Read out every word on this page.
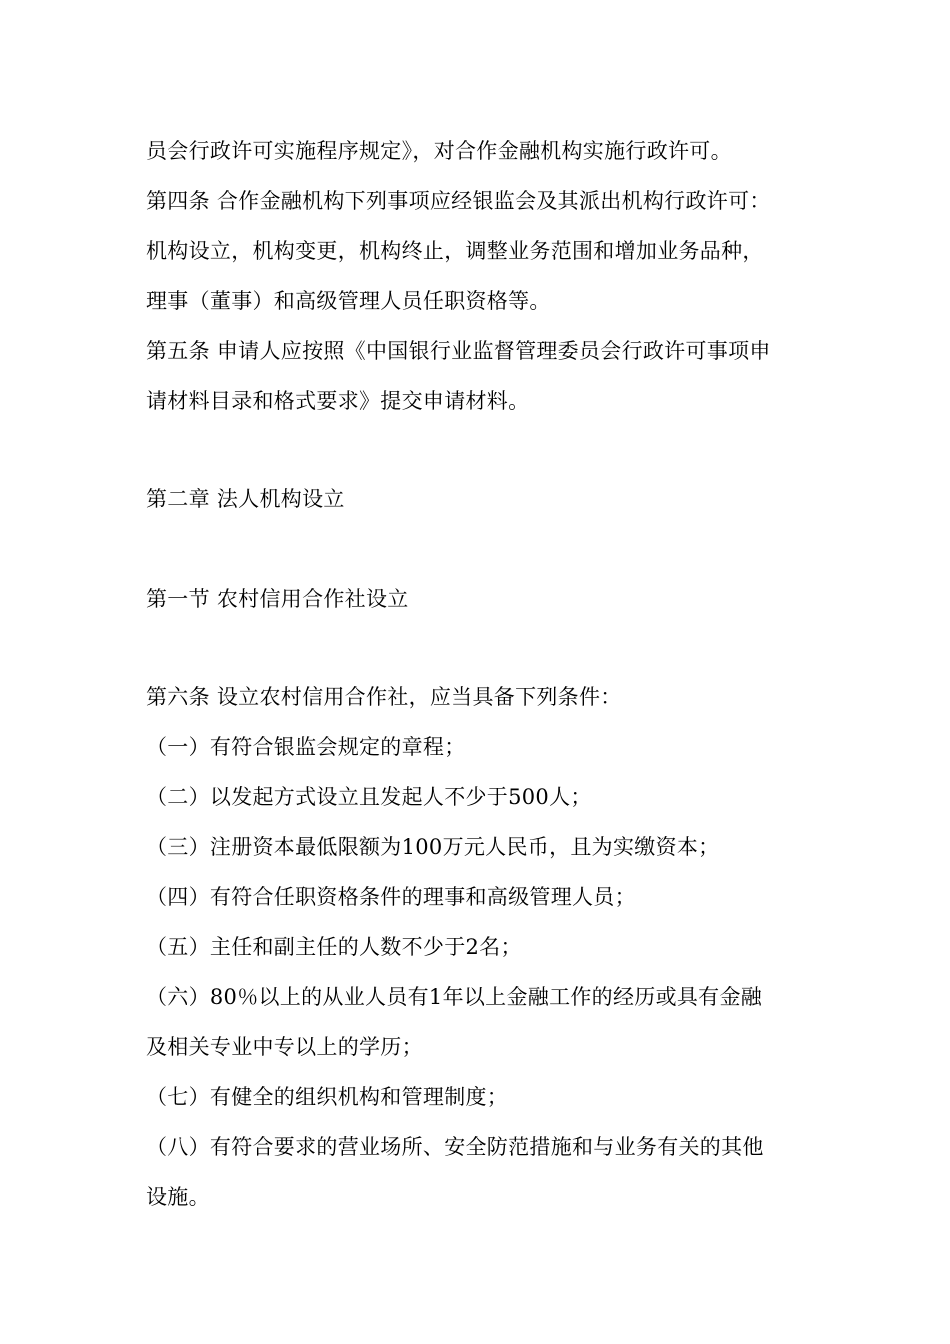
员会行政许可实施程序规定》，对合作金融机构实施行政许可。
第四条 合作金融机构下列事项应经银监会及其派出机构行政许可：
机构设立，机构变更，机构终止，调整业务范围和增加业务品种，
理事（董事）和高级管理人员任职资格等。
第五条 申请人应按照《中国银行业监督管理委员会行政许可事项申
请材料目录和格式要求》提交申请材料。
第二章 法人机构设立
第一节 农村信用合作社设立
第六条 设立农村信用合作社，应当具备下列条件：
（一）有符合银监会规定的章程；
（二）以发起方式设立且发起人不少于500人；
（三）注册资本最低限额为100万元人民币，且为实缴资本；
（四）有符合任职资格条件的理事和高级管理人员；
（五）主任和副主任的人数不少于2名；
（六）80％以上的从业人员有1年以上金融工作的经历或具有金融
及相关专业中专以上的学历；
（七）有健全的组织机构和管理制度；
（八）有符合要求的营业场所、安全防范措施和与业务有关的其他
设施。
